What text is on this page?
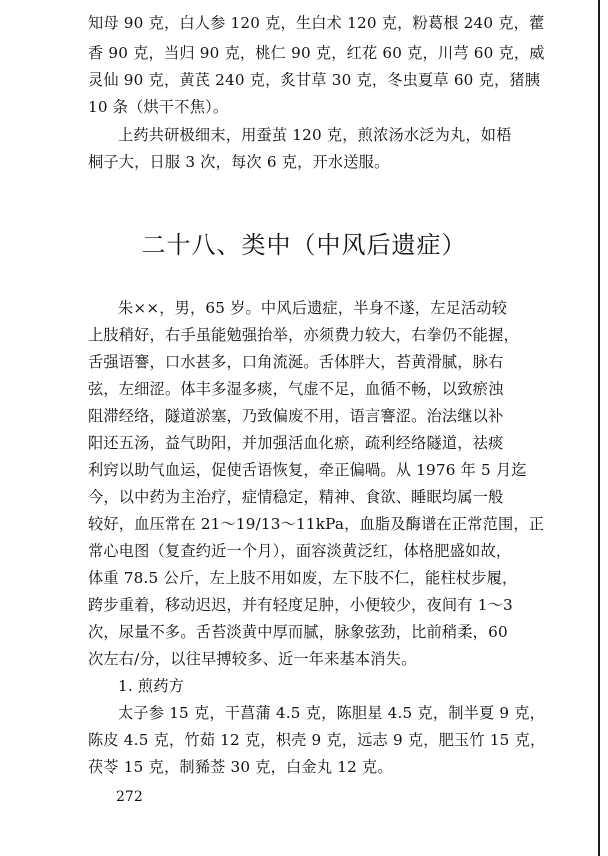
知母 90 克，白人参 120 克，生白术 120 克，粉葛根 240 克，藿
香 90 克，当归 90 克，桃仁 90 克，红花 60 克，川芎 60 克，威
灵仙 90 克，黄芪 240 克，炙甘草 30 克，冬虫夏草 60 克，猪胰
10 条（烘干不焦）。
上药共研极细末，用蚕茧 120 克，煎浓汤水泛为丸，如梧
桐子大，日服 3 次，每次 6 克，开水送服。
二十八、类中（中风后遗症）
朱××，男，65 岁。中风后遗症，半身不遂，左足活动较
上肢稍好，右手虽能勉强抬举，亦须费力较大，右拳仍不能握，
舌强语謇，口水甚多，口角流涎。舌体胖大，苔黄滑腻，脉右
弦，左细涩。体丰多湿多痰，气虚不足，血循不畅，以致瘀浊
阻滞经络，隧道淤塞，乃致偏废不用，语言謇涩。治法继以补
阳还五汤，益气助阳，并加强活血化瘀，疏利经络隧道，祛痰
利窍以助气血运，促使舌语恢复，牵正偏喎。从 1976 年 5 月迄
今，以中药为主治疗，症情稳定，精神、食欲、睡眠均属一般
较好，血压常在 21～19/13～11kPa，血脂及酶谱在正常范围，正
常心电图（复查约近一个月），面容淡黄泛红，体格肥盛如故，
体重 78.5 公斤，左上肢不用如废，左下肢不仁，能柱杖步履，
跨步重着，移动迟迟，并有轻度足肿，小便较少，夜间有 1～3
次，尿量不多。舌苔淡黄中厚而腻，脉象弦劲，比前稍柔，60
次左右/分，以往早搏较多、近一年来基本消失。
1. 煎药方
太子参 15 克，干菖蒲 4.5 克，陈胆星 4.5 克，制半夏 9 克，
陈皮 4.5 克，竹茹 12 克，枳壳 9 克，远志 9 克，肥玉竹 15 克，
茯苓 15 克，制豨莶 30 克，白金丸 12 克。
272
